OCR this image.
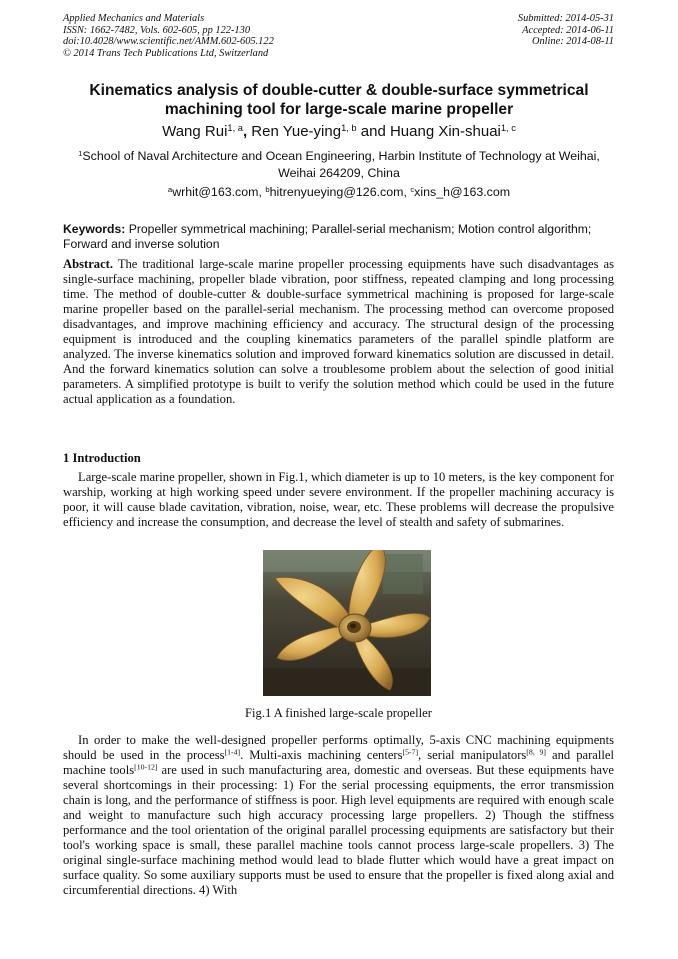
Applied Mechanics and Materials
ISSN: 1662-7482, Vols. 602-605, pp 122-130
doi:10.4028/www.scientific.net/AMM.602-605.122
© 2014 Trans Tech Publications Ltd, Switzerland
Submitted: 2014-05-31
Accepted: 2014-06-11
Online: 2014-08-11
Kinematics analysis of double-cutter & double-surface symmetrical machining tool for large-scale marine propeller
Wang Rui$^{1, a}$, Ren Yue-ying$^{1, b}$ and Huang Xin-shuai$^{1, c}$
$^1$School of Naval Architecture and Ocean Engineering, Harbin Institute of Technology at Weihai, Weihai 264209, China
$^a$wrhit@163.com, $^b$hitrenyueying@126.com, $^c$xins_h@163.com
Keywords: Propeller symmetrical machining; Parallel-serial mechanism; Motion control algorithm; Forward and inverse solution
Abstract. The traditional large-scale marine propeller processing equipments have such disadvantages as single-surface machining, propeller blade vibration, poor stiffness, repeated clamping and long processing time. The method of double-cutter & double-surface symmetrical machining is proposed for large-scale marine propeller based on the parallel-serial mechanism. The processing method can overcome proposed disadvantages, and improve machining efficiency and accuracy. The structural design of the processing equipment is introduced and the coupling kinematics parameters of the parallel spindle platform are analyzed. The inverse kinematics solution and improved forward kinematics solution are discussed in detail. And the forward kinematics solution can solve a troublesome problem about the selection of good initial parameters. A simplified prototype is built to verify the solution method which could be used in the future actual application as a foundation.
1 Introduction
Large-scale marine propeller, shown in Fig.1, which diameter is up to 10 meters, is the key component for warship, working at high working speed under severe environment. If the propeller machining accuracy is poor, it will cause blade cavitation, vibration, noise, wear, etc. These problems will decrease the propulsive efficiency and increase the consumption, and decrease the level of stealth and safety of submarines.
Fig.1 A finished large-scale propeller
In order to make the well-designed propeller performs optimally, 5-axis CNC machining equipments should be used in the process[1-4]. Multi-axis machining centers[5-7], serial manipulators[8, 9] and parallel machine tools[10-12] are used in such manufacturing area, domestic and overseas. But these equipments have several shortcomings in their processing: 1) For the serial processing equipments, the error transmission chain is long, and the performance of stiffness is poor. High level equipments are required with enough scale and weight to manufacture such high accuracy processing large propellers. 2) Though the stiffness performance and the tool orientation of the original parallel processing equipments are satisfactory but their tool's working space is small, these parallel machine tools cannot process large-scale propellers. 3) The original single-surface machining method would lead to blade flutter which would have a great impact on surface quality. So some auxiliary supports must be used to ensure that the propeller is fixed along axial and circumferential directions. 4) With
